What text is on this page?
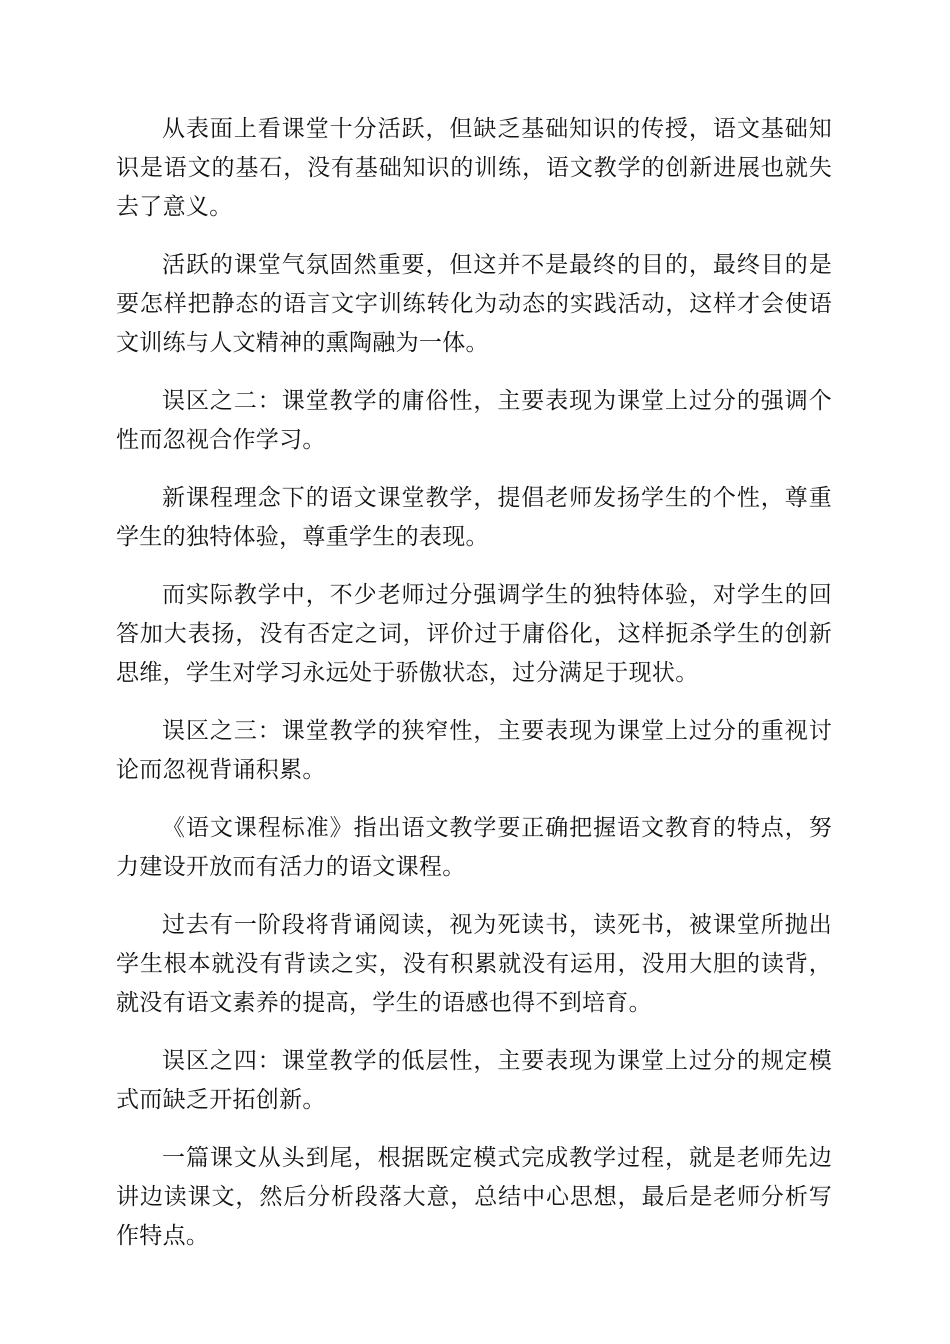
从表面上看课堂十分活跃，但缺乏基础知识的传授，语文基础知识是语文的基石，没有基础知识的训练，语文教学的创新进展也就失去了意义。

活跃的课堂气氛固然重要，但这并不是最终的目的，最终目的是要怎样把静态的语言文字训练转化为动态的实践活动，这样才会使语文训练与人文精神的熏陶融为一体。

误区之二：课堂教学的庸俗性，主要表现为课堂上过分的强调个性而忽视合作学习。

新课程理念下的语文课堂教学，提倡老师发扬学生的个性，尊重学生的独特体验，尊重学生的表现。

而实际教学中，不少老师过分强调学生的独特体验，对学生的回答加大表扬，没有否定之词，评价过于庸俗化，这样扼杀学生的创新思维，学生对学习永远处于骄傲状态，过分满足于现状。

误区之三：课堂教学的狭窄性，主要表现为课堂上过分的重视讨论而忽视背诵积累。

《语文课程标准》指出语文教学要正确把握语文教育的特点，努力建设开放而有活力的语文课程。

过去有一阶段将背诵阅读，视为死读书，读死书，被课堂所抛出学生根本就没有背读之实，没有积累就没有运用，没用大胆的读背，就没有语文素养的提高，学生的语感也得不到培育。

误区之四：课堂教学的低层性，主要表现为课堂上过分的规定模式而缺乏开拓创新。

一篇课文从头到尾，根据既定模式完成教学过程，就是老师先边讲边读课文，然后分析段落大意，总结中心思想，最后是老师分析写作特点。
